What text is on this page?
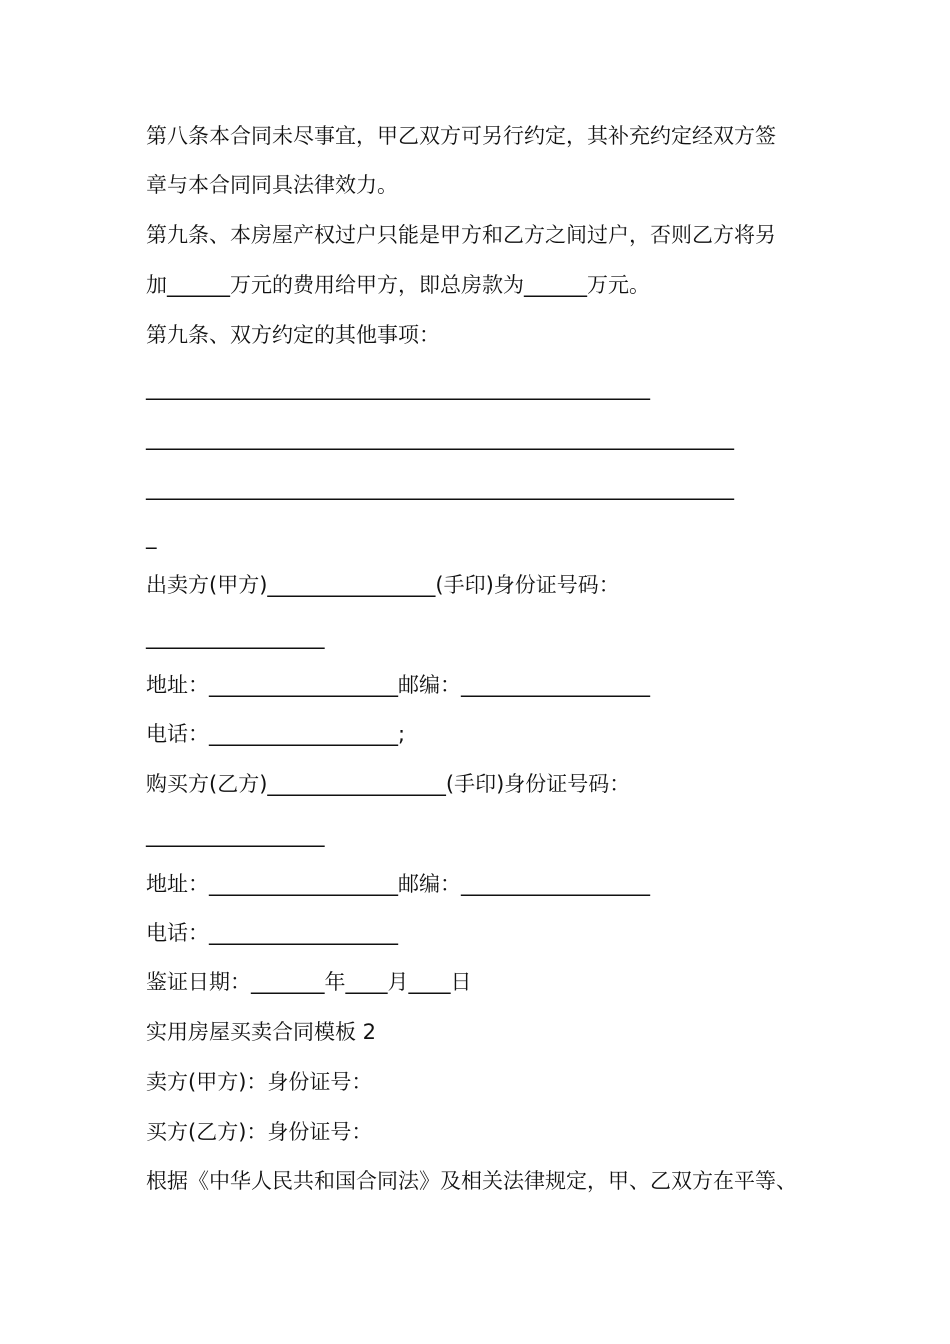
第八条本合同未尽事宜，甲乙双方可另行约定，其补充约定经双方签
章与本合同同具法律效力。
第九条、本房屋产权过户只能是甲方和乙方之间过户，否则乙方将另
加______万元的费用给甲方，即总房款为______万元。
第九条、双方约定的其他事项：
________________________________________________
________________________________________________________
________________________________________________________
_
出卖方(甲方)________________(手印)身份证号码：
_________________
地址：__________________邮编：__________________
电话：__________________;
购买方(乙方)_________________(手印)身份证号码：
_________________
地址：__________________邮编：__________________
电话：__________________
鉴证日期：_______年____月____日
实用房屋买卖合同模板 2
卖方(甲方)：身份证号：
买方(乙方)：身份证号：
根据《中华人民共和国合同法》及相关法律规定，甲、乙双方在平等、
